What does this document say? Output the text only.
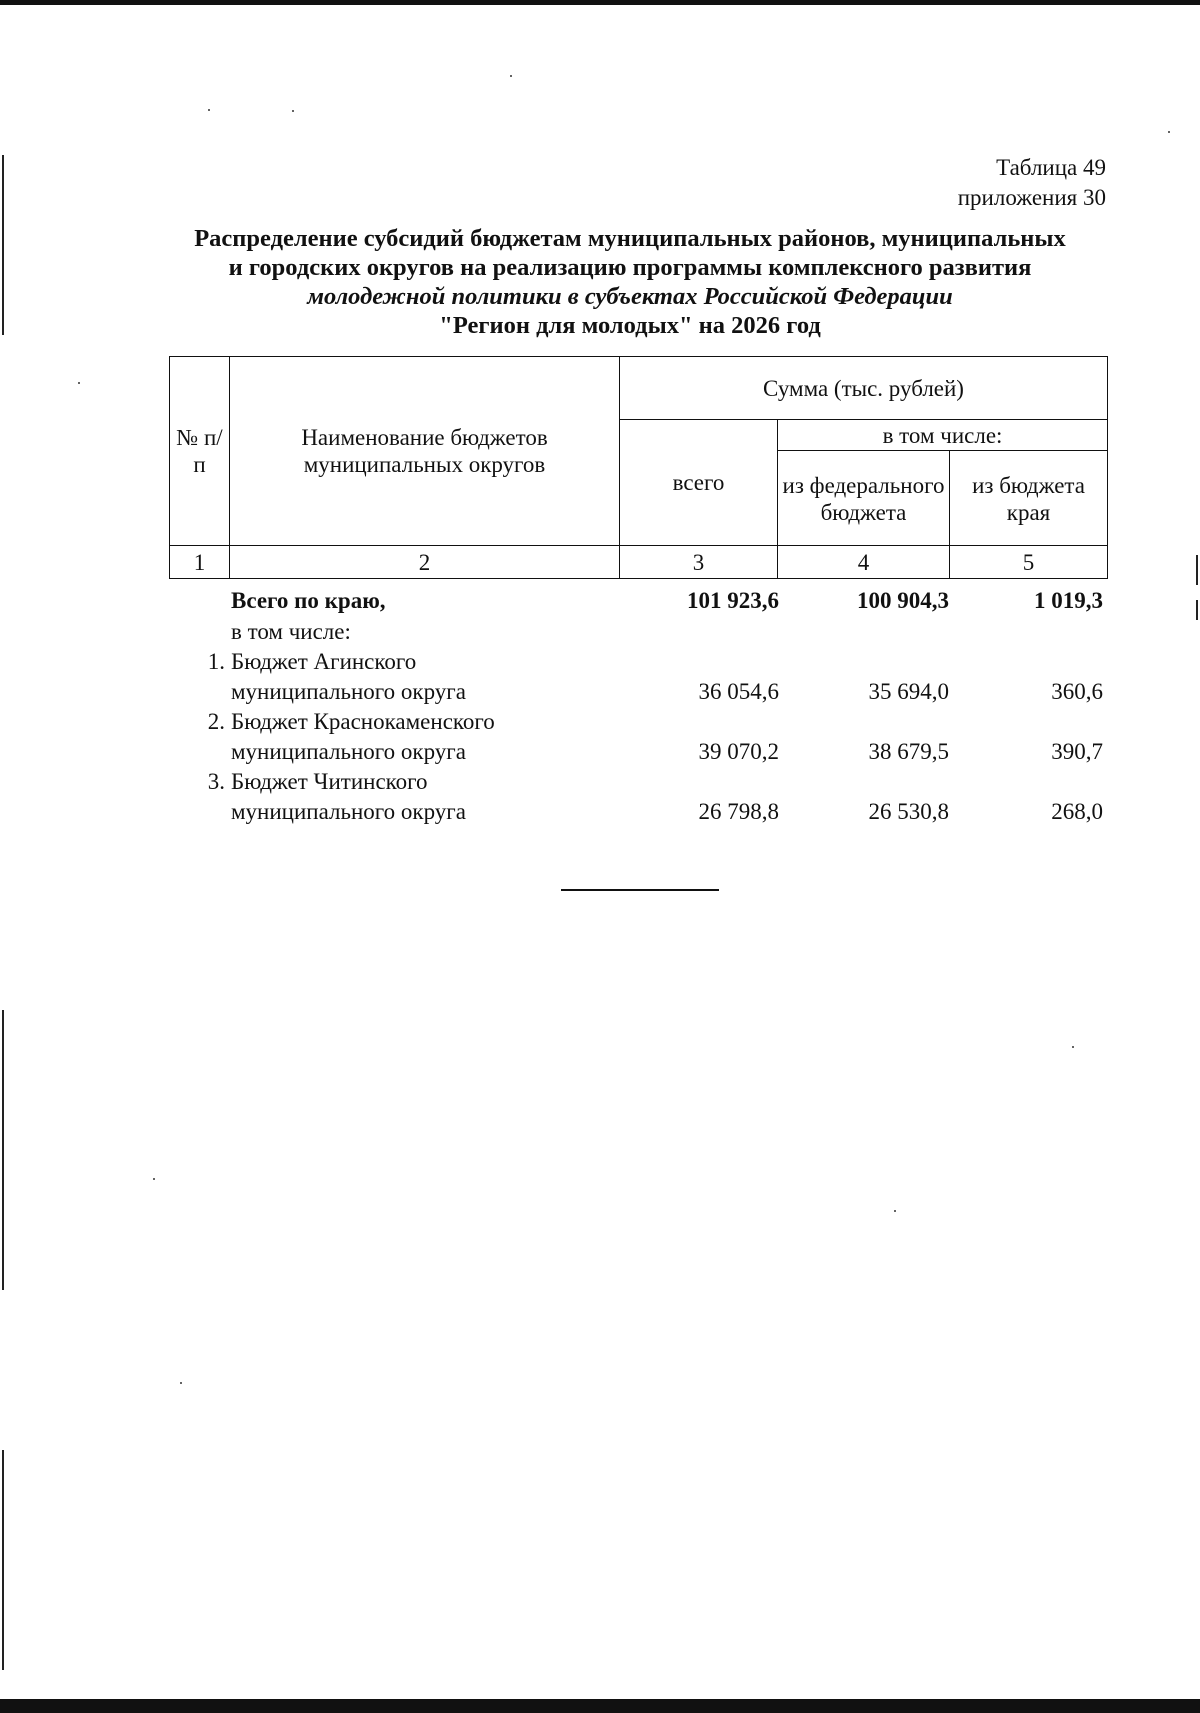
Таблица 49
приложения 30
Распределение субсидий бюджетам муниципальных районов, муниципальных
и городских округов на реализацию программы комплексного развития
молодежной политики в субъектах Российской Федерации
"Регион для молодых" на 2026 год
№ п/п	Наименование бюджетов муниципальных округов	Сумма (тыс. рублей)		
		всего	в том числе:	
			из федерального бюджета	из бюджета края
1	2	3	4	5
Всего по краю,	101 923,6	100 904,3	1 019,3
в том числе:
1. Бюджет Агинского
муниципального округа	36 054,6	35 694,0	360,6
2. Бюджет Краснокаменского
муниципального округа	39 070,2	38 679,5	390,7
3. Бюджет Читинского
муниципального округа	26 798,8	26 530,8	268,0
